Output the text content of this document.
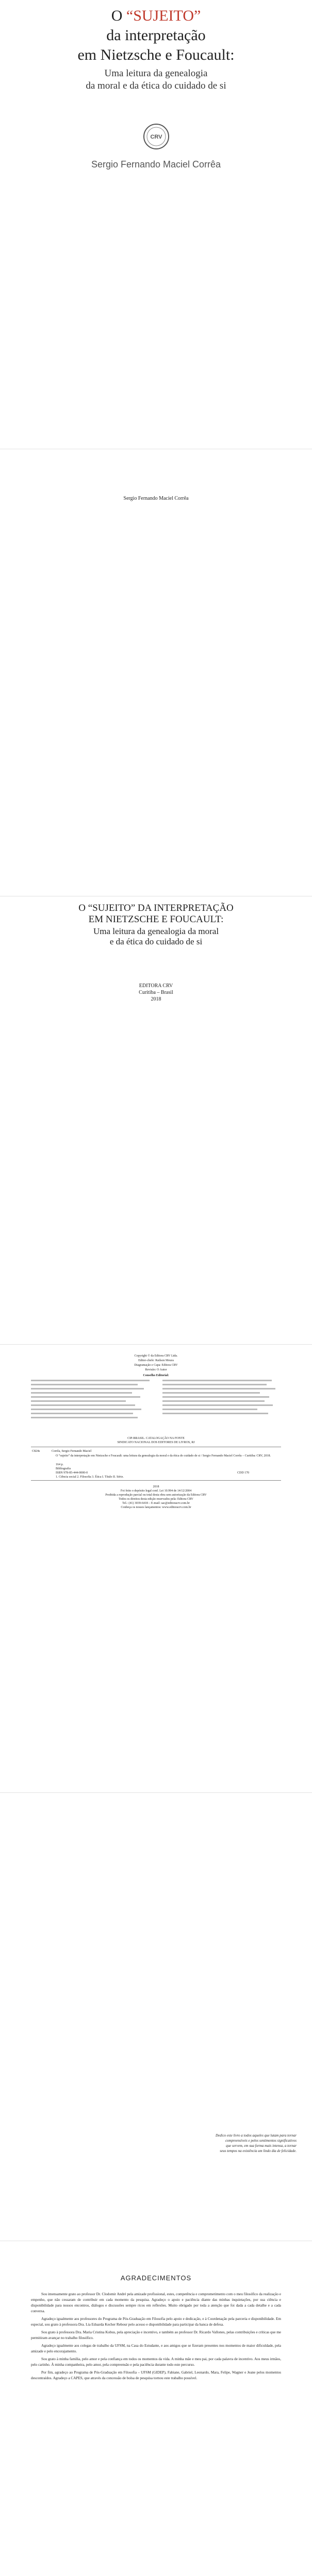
O “SUJEITO”
da interpretação
em Nietzsche e Foucault:
Uma leitura da genealogia
da moral e da ética do cuidado de si
CRV
Sergio Fernando Maciel Corrêa
Sergio Fernando Maciel Corrêa
O “SUJEITO” DA INTERPRETAÇÃO
EM NIETZSCHE E FOUCAULT:
Uma leitura da genealogia da moral
e da ética do cuidado de si
EDITORA CRV
Curitiba – Brasil
2018
Copyright © da Editora CRV Ltda.
Editor-chefe: Railson Moura
Diagramação e Capa: Editora CRV
Revisão: O Autor
Conselho Editorial:
CIP-BRASIL. CATALOGAÇÃO NA FONTE
SINDICATO NACIONAL DOS EDITORES DE LIVROS, RJ
C824s	Corrêa, Sergio Fernando Maciel
O “sujeito” da interpretação em Nietzsche e Foucault: uma leitura da genealogia da moral e da ética do cuidado de si / Sergio Fernando Maciel Corrêa – Curitiba: CRV, 2018.
164 p.
Bibliografia
ISBN 978-85-444-0000-0
1. Ciência social 2. Filosofia 3. Ética I. Título II. Série.
CDD 170
2018
Foi feito o depósito legal conf. Lei 10.994 de 14/12/2004
Proibida a reprodução parcial ou total desta obra sem autorização da Editora CRV
Todos os direitos desta edição reservados pela: Editora CRV
Tel.: (41) 3039-6418 – E-mail: sac@editoracrv.com.br
Conheça os nossos lançamentos: www.editoracrv.com.br
Dedico este livro a todos aqueles que lutam para tornar
compreensíveis e pelos sentimentos significativos
que servem, em sua forma mais intensa, a tornar
seus tempos na existência um lindo dia de felicidade.
AGRADECIMENTOS

Sou imensamente grato ao professor Dr. Clodomir André pela amizade profissional, estes, competência e comprometimento com o meu filosófico da realização e empenho, que não cessaram de contribuir em cada momento da pesquisa. Agradeço o apoio e paciência diante das minhas inquietações, por sua ciência e disponibilidade para nossos encontros, diálogos e discussões sempre ricos em reflexões. Muito obrigado por toda a atenção que foi dada a cada detalhe e a cada conversa.

Agradeço igualmente aos professores do Programa de Pós-Graduação em Filosofia pelo apoio e dedicação, e à Coordenação pela parceria e disponibilidade. Em especial, sou grato à professora Dra. Lia Eduarda Kecher Rebour pelo acesso e disponibilidade para participar da banca de defesa.

Sou grato à professora Dra. Maria Cristina Kobus, pela apreciação e incentivo, e também ao professor Dr. Ricardo Vallones, pelas contribuições e críticas que me permitiram avançar no trabalho filosófico.

Agradeço igualmente aos colegas de trabalho da UFSM, na Casa do Estudante, e aos amigos que se fizeram presentes nos momentos de maior dificuldade, pela amizade e pelo encorajamento.

Sou grato à minha família, pelo amor e pela confiança em todos os momentos da vida. A minha mãe e meu pai, por cada palavra de incentivo. Aos meus irmãos, pelo carinho. À minha companheira, pelo amor, pela compreensão e pela paciência durante todo este percurso.

Por fim, agradeço ao Programa de Pós-Graduação em Filosofia – UFSM (GIDEP), Fabiane, Gabriel, Leonardo, Mara, Felipe, Wagner e Jeane pelos momentos descontraídos. Agradeço a CAPES, que através da concessão de bolsa de pesquisa tornou este trabalho possível.
